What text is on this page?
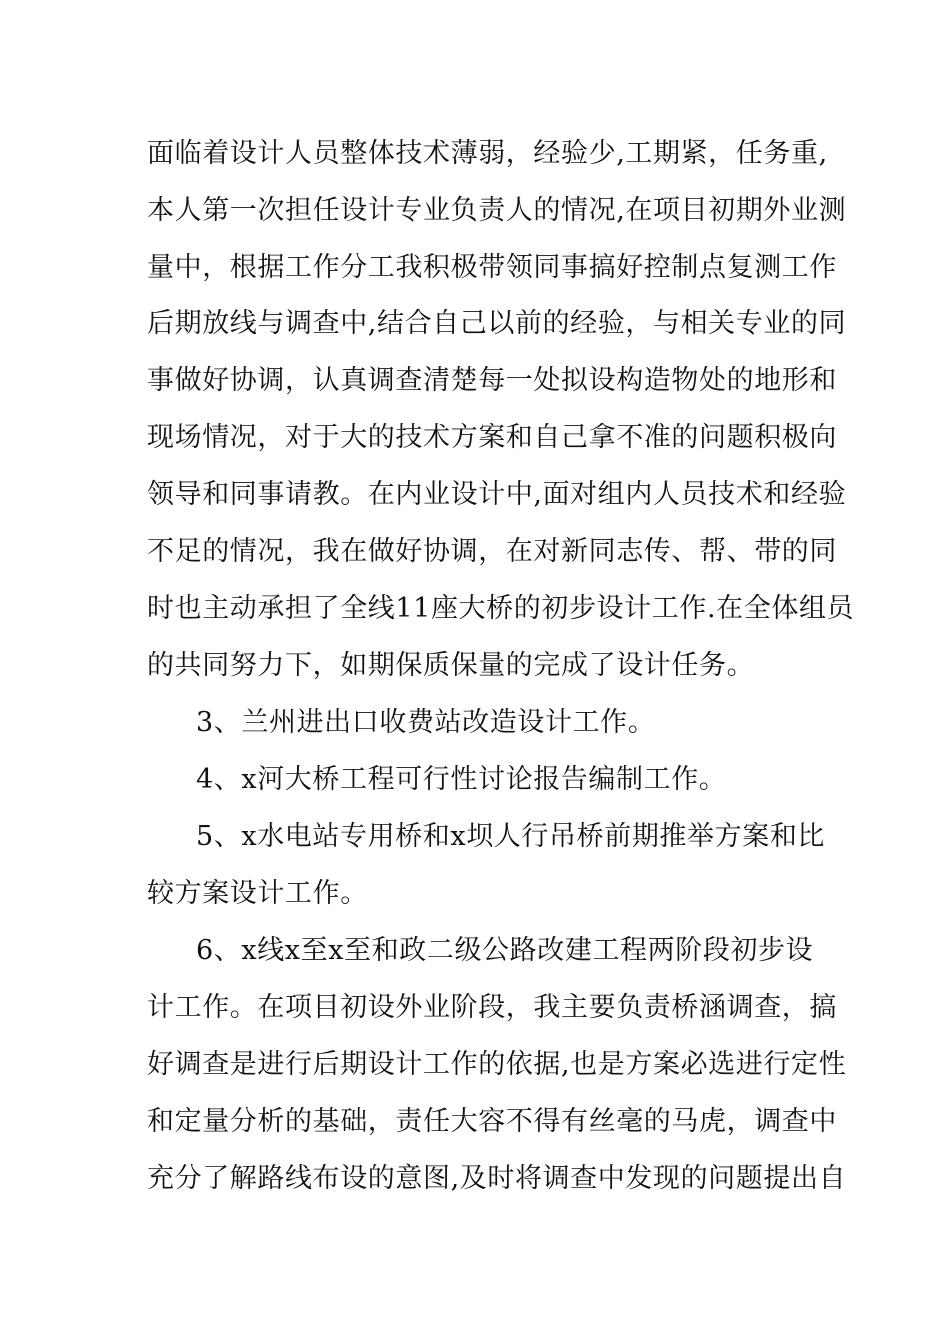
面临着设计人员整体技术薄弱，经验少,工期紧，任务重,
本人第一次担任设计专业负责人的情况,在项目初期外业测
量中，根据工作分工我积极带领同事搞好控制点复测工作
后期放线与调查中,结合自己以前的经验，与相关专业的同
事做好协调，认真调查清楚每一处拟设构造物处的地形和
现场情况，对于大的技术方案和自己拿不准的问题积极向
领导和同事请教。在内业设计中,面对组内人员技术和经验
不足的情况，我在做好协调，在对新同志传、帮、带的同
时也主动承担了全线11座大桥的初步设计工作.在全体组员
的共同努力下，如期保质保量的完成了设计任务。
3、兰州进出口收费站改造设计工作。
4、x河大桥工程可行性讨论报告编制工作。
5、x水电站专用桥和x坝人行吊桥前期推举方案和比
较方案设计工作。
6、x线x至x至和政二级公路改建工程两阶段初步设
计工作。在项目初设外业阶段，我主要负责桥涵调查，搞
好调查是进行后期设计工作的依据,也是方案必选进行定性
和定量分析的基础，责任大容不得有丝毫的马虎，调查中
充分了解路线布设的意图,及时将调查中发现的问题提出自
